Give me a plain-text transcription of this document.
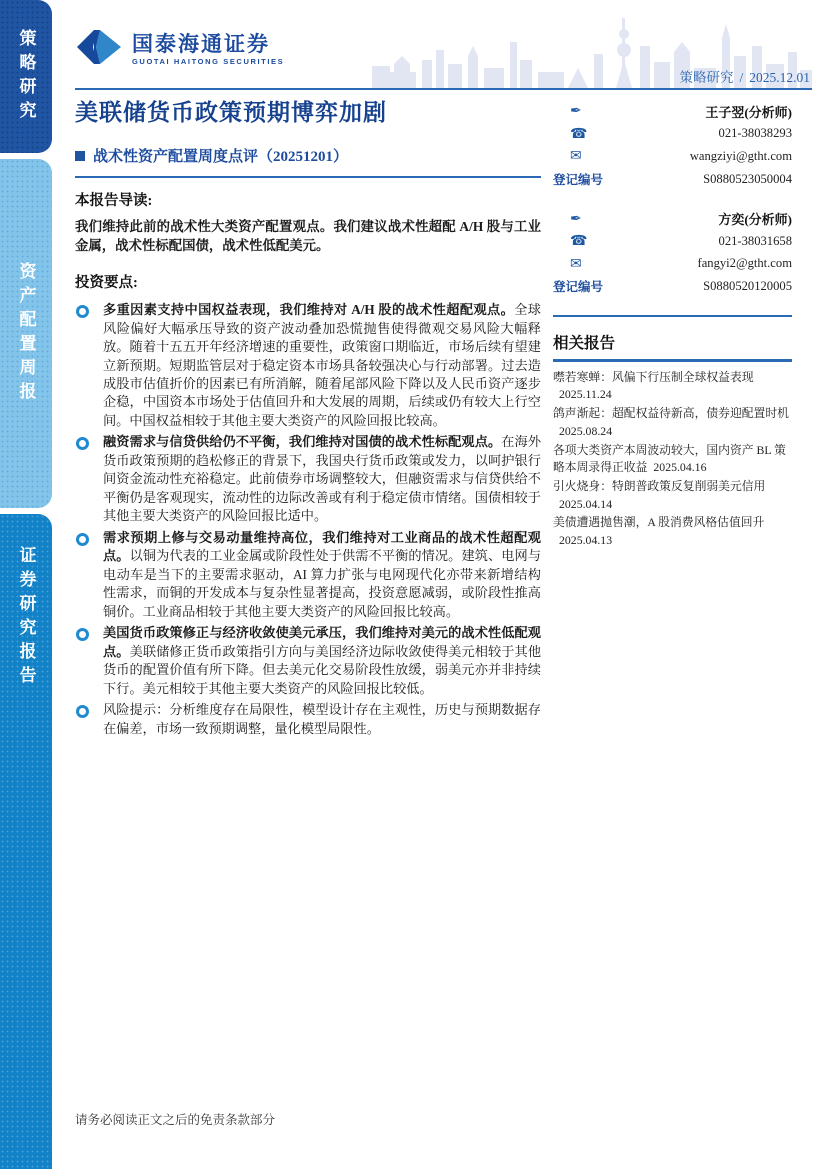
策略研究
资产配置周报
证券研究报告
国泰海通证券
GUOTAI HAITONG SECURITIES
策略研究 / 2025.12.01
美联储货币政策预期博弈加剧
战术性资产配置周度点评（20251201）
本报告导读:

我们维持此前的战术性大类资产配置观点。我们建议战术性超配 A/H 股与工业金属，战术性标配国债，战术性低配美元。

投资要点:
多重因素支持中国权益表现，我们维持对 A/H 股的战术性超配观点。全球风险偏好大幅承压导致的资产波动叠加恐慌抛售使得微观交易风险大幅释放。随着十五五开年经济增速的重要性，政策窗口期临近，市场后续有望建立新预期。短期监管层对于稳定资本市场具备较强决心与行动部署。过去造成股市估值折价的因素已有所消解，随着尾部风险下降以及人民币资产逐步企稳，中国资本市场处于估值回升和大发展的周期，后续或仍有较大上行空间。中国权益相较于其他主要大类资产的风险回报比较高。
融资需求与信贷供给仍不平衡，我们维持对国债的战术性标配观点。在海外货币政策预期的趋松修正的背景下，我国央行货币政策或发力，以呵护银行间资金流动性充裕稳定。此前债券市场调整较大，但融资需求与信贷供给不平衡仍是客观现实，流动性的边际改善或有利于稳定债市情绪。国债相较于其他主要大类资产的风险回报比适中。
需求预期上修与交易动量维持高位，我们维持对工业商品的战术性超配观点。以铜为代表的工业金属或阶段性处于供需不平衡的情况。建筑、电网与电动车是当下的主要需求驱动，AI 算力扩张与电网现代化亦带来新增结构性需求，而铜的开发成本与复杂性显著提高，投资意愿减弱，或阶段性推高铜价。工业商品相较于其他主要大类资产的风险回报比较高。
美国货币政策修正与经济收敛使美元承压，我们维持对美元的战术性低配观点。美联储修正货币政策指引方向与美国经济边际收敛使得美元相较于其他货币的配置价值有所下降。但去美元化交易阶段性放缓，弱美元亦并非持续下行。美元相较于其他主要大类资产的风险回报比较低。
风险提示：分析维度存在局限性，模型设计存在主观性，历史与预期数据存在偏差，市场一致预期调整，量化模型局限性。
✒	王子翌(分析师)
☎	021-38038293
✉	wangziyi@gtht.com
登记编号	S0880523050004
✒	方奕(分析师)
☎	021-38031658
✉	fangyi2@gtht.com
登记编号	S0880520120005
相关报告
噤若寒蝉：风偏下行压制全球权益表现2025.11.24
鸽声渐起：超配权益待新高，债券迎配置时机2025.08.24
各项大类资产本周波动较大，国内资产 BL 策略本周录得正收益 2025.04.16
引火烧身：特朗普政策反复削弱美元信用2025.04.14
美债遭遇抛售潮，A 股消费风格估值回升2025.04.13
请务必阅读正文之后的免责条款部分
